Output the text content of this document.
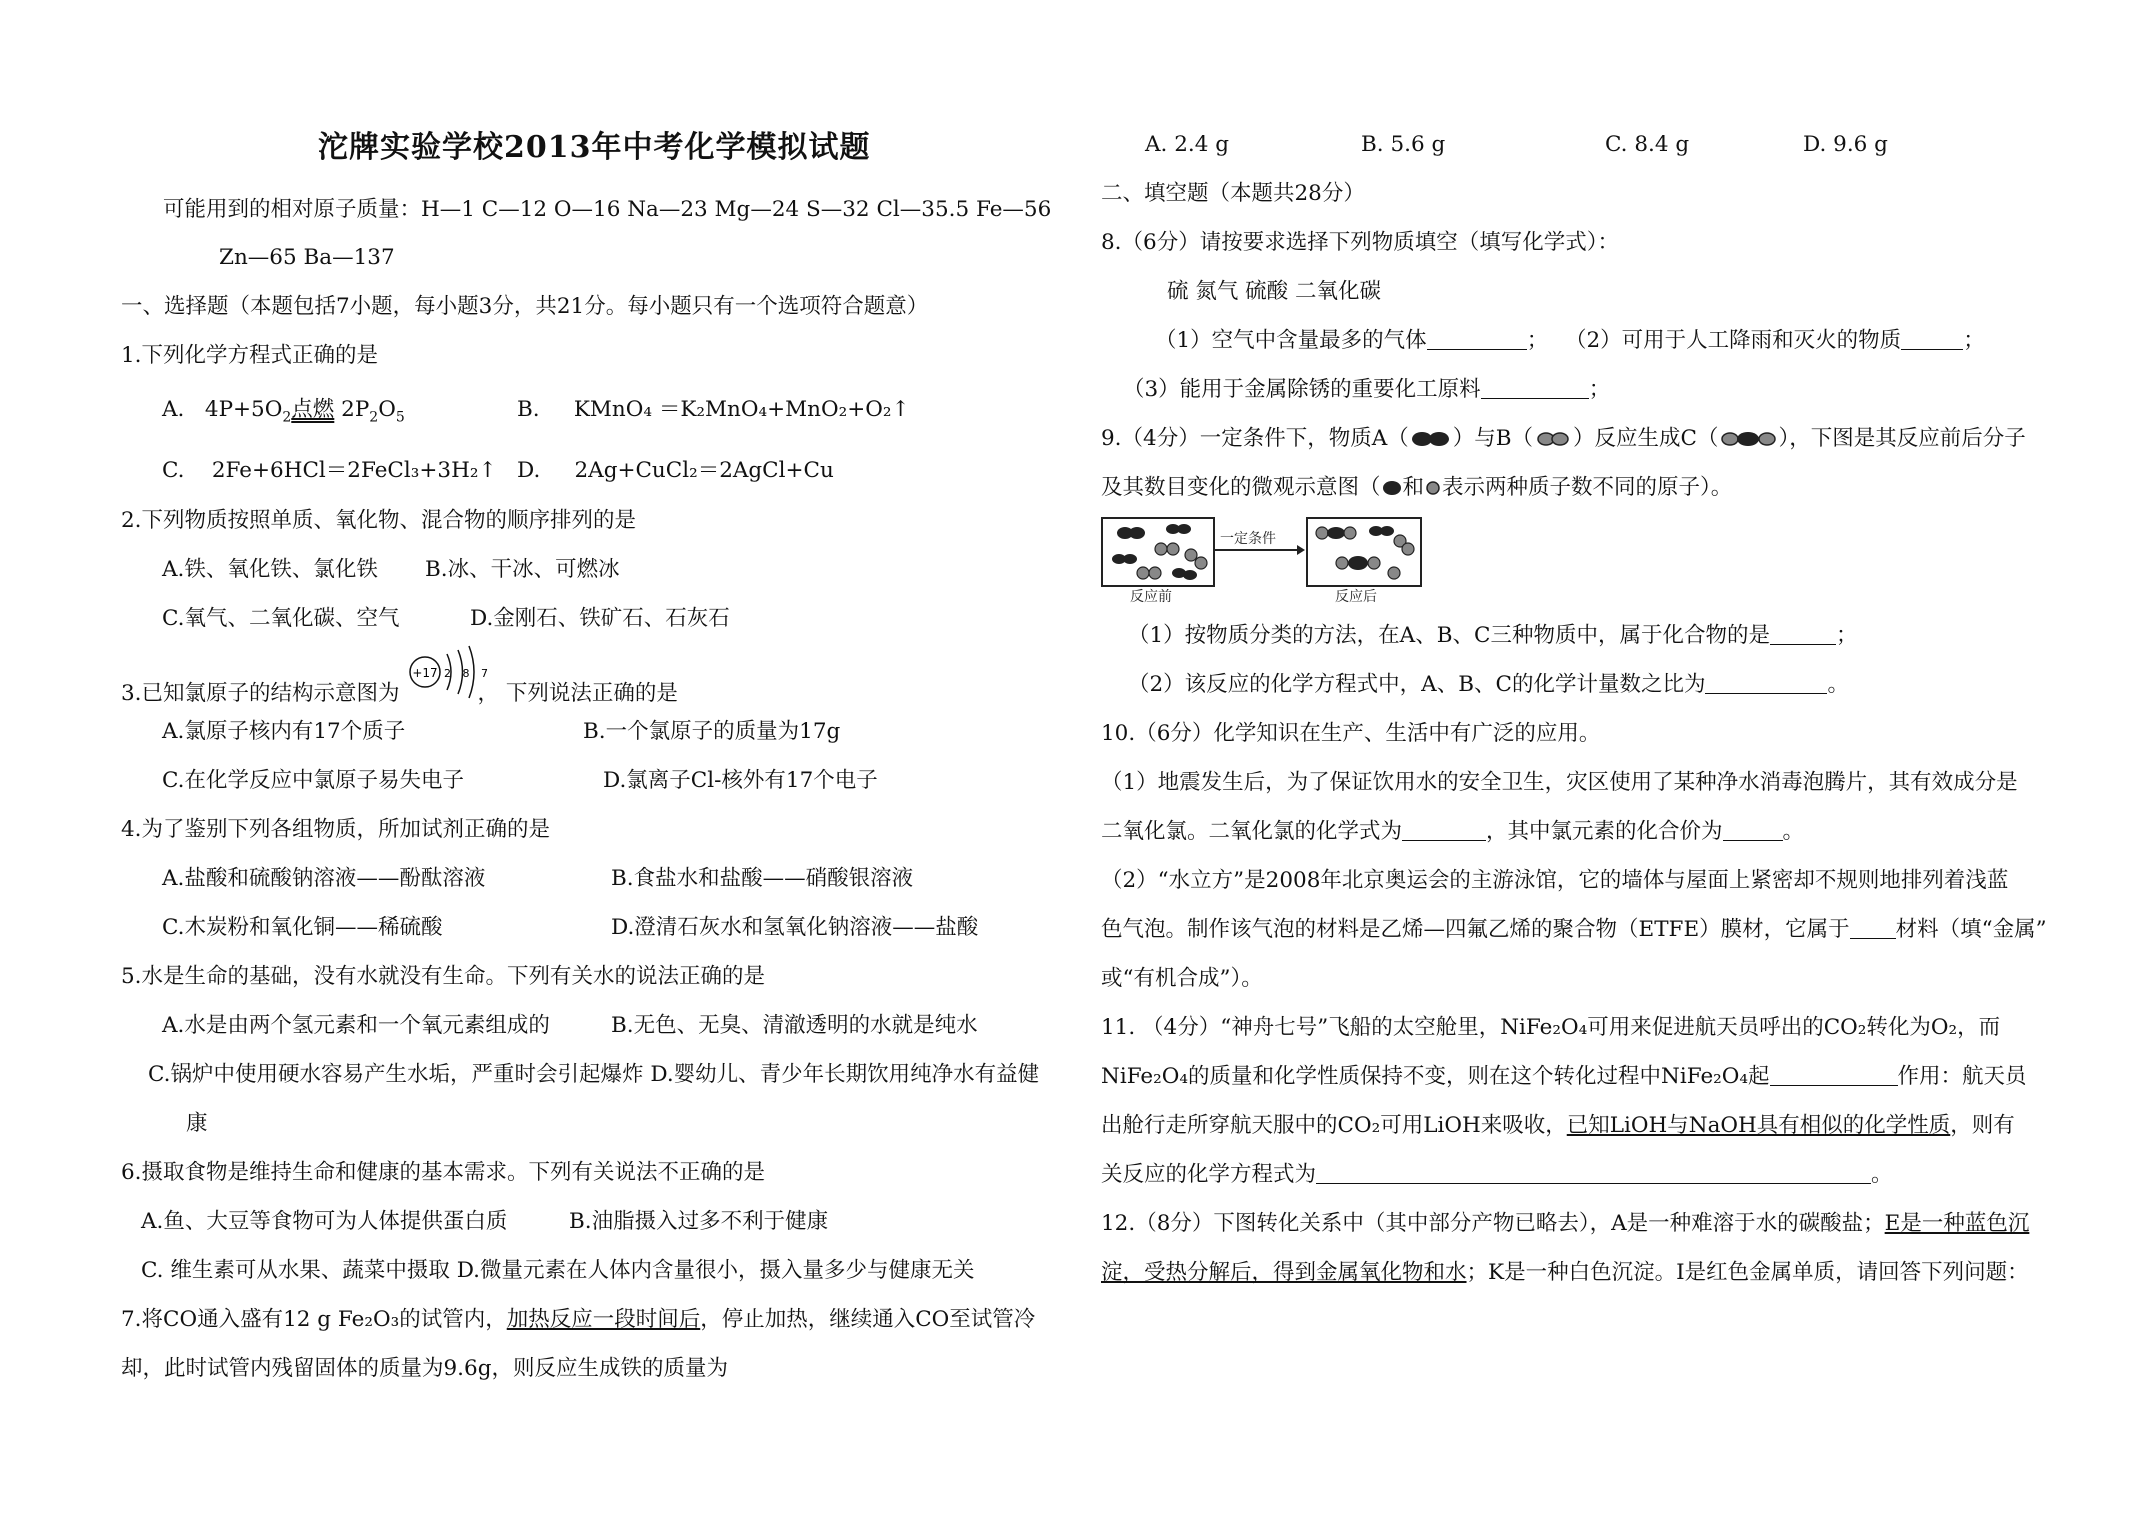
沱牌实验学校2013年中考化学模拟试题
可能用到的相对原子质量：H—1 C—12 O—16 Na—23 Mg—24 S—32 Cl—35.5 Fe—56
Zn—65 Ba—137
一、选择题（本题包括7小题，每小题3分，共21分。每小题只有一个选项符合题意）
1.下列化学方程式正确的是
A. $4P+5O_2$点燃 $2P_2O_5$	B. KMnO₄ ＝K₂MnO₄+MnO₂+O₂↑
C. 2Fe+6HCl＝2FeCl₃+3H₂↑ D. 2Ag+CuCl₂＝2AgCl+Cu
2.下列物质按照单质、氧化物、混合物的顺序排列的是
A.铁、氧化铁、氯化铁 B.冰、干冰、可燃冰
C.氧气、二氧化碳、空气	D.金刚石、铁矿石、石灰石
3.已知氯原子的结构示意图为	， 下列说法正确的是
+17 2 8 7
A.氯原子核内有17个质子	B.一个氯原子的质量为17g
C.在化学反应中氯原子易失电子	D.氯离子Cl-核外有17个电子
4.为了鉴别下列各组物质，所加试剂正确的是
A.盐酸和硫酸钠溶液——酚酞溶液	B.食盐水和盐酸——硝酸银溶液
C.木炭粉和氧化铜——稀硫酸	D.澄清石灰水和氢氧化钠溶液——盐酸
5.水是生命的基础，没有水就没有生命。下列有关水的说法正确的是
A.水是由两个氢元素和一个氧元素组成的	B.无色、无臭、清澈透明的水就是纯水
C.锅炉中使用硬水容易产生水垢，严重时会引起爆炸 D.婴幼儿、青少年长期饮用纯净水有益健
康
6.摄取食物是维持生命和健康的基本需求。下列有关说法不正确的是
A.鱼、大豆等食物可为人体提供蛋白质	B.油脂摄入过多不利于健康
C. 维生素可从水果、蔬菜中摄取 D.微量元素在人体内含量很小，摄入量多少与健康无关
7.将CO通入盛有12 g Fe₂O₃的试管内，加热反应一段时间后，停止加热，继续通入CO至试管冷
却，此时试管内残留固体的质量为9.6g，则反应生成铁的质量为
A. 2.4 g	B. 5.6 g	C. 8.4 g	D. 9.6 g
二、填空题（本题共28分）
8.（6分）请按要求选择下列物质填空（填写化学式）：
硫 氮气 硫酸 二氧化碳
（1）空气中含量最多的气体	； （2）可用于人工降雨和灭火的物质	；
（3）能用于金属除锈的重要化工原料	；
9.（4分）一定条件下，物质A（ ）与B（ ）反应生成C（	），下图是其反应前后分子
及其数目变化的微观示意图（ 和 表示两种质子数不同的原子）。
一定条件
反应前	反应后
（1）按物质分类的方法，在A、B、C三种物质中，属于化合物的是	；
（2）该反应的化学方程式中，A、B、C的化学计量数之比为	。
10.（6分）化学知识在生产、生活中有广泛的应用。
（1）地震发生后，为了保证饮用水的安全卫生，灾区使用了某种净水消毒泡腾片，其有效成分是
二氧化氯。二氧化氯的化学式为	，其中氯元素的化合价为	。
（2）“水立方”是2008年北京奥运会的主游泳馆，它的墙体与屋面上紧密却不规则地排列着浅蓝
色气泡。制作该气泡的材料是乙烯—四氟乙烯的聚合物（ETFE）膜材，它属于 材料（填“金属”
或“有机合成”）。
11. （4分）“神舟七号”飞船的太空舱里，NiFe₂O₄可用来促进航天员呼出的CO₂转化为O₂，而
NiFe₂O₄的质量和化学性质保持不变，则在这个转化过程中NiFe₂O₄起	作用：航天员
出舱行走所穿航天服中的CO₂可用LiOH来吸收，已知LiOH与NaOH具有相似的化学性质，则有
关反应的化学方程式为	。
12.（8分）下图转化关系中（其中部分产物已略去），A是一种难溶于水的碳酸盐；E是一种蓝色沉
淀，受热分解后，得到金属氧化物和水；K是一种白色沉淀。I是红色金属单质，请回答下列问题：
